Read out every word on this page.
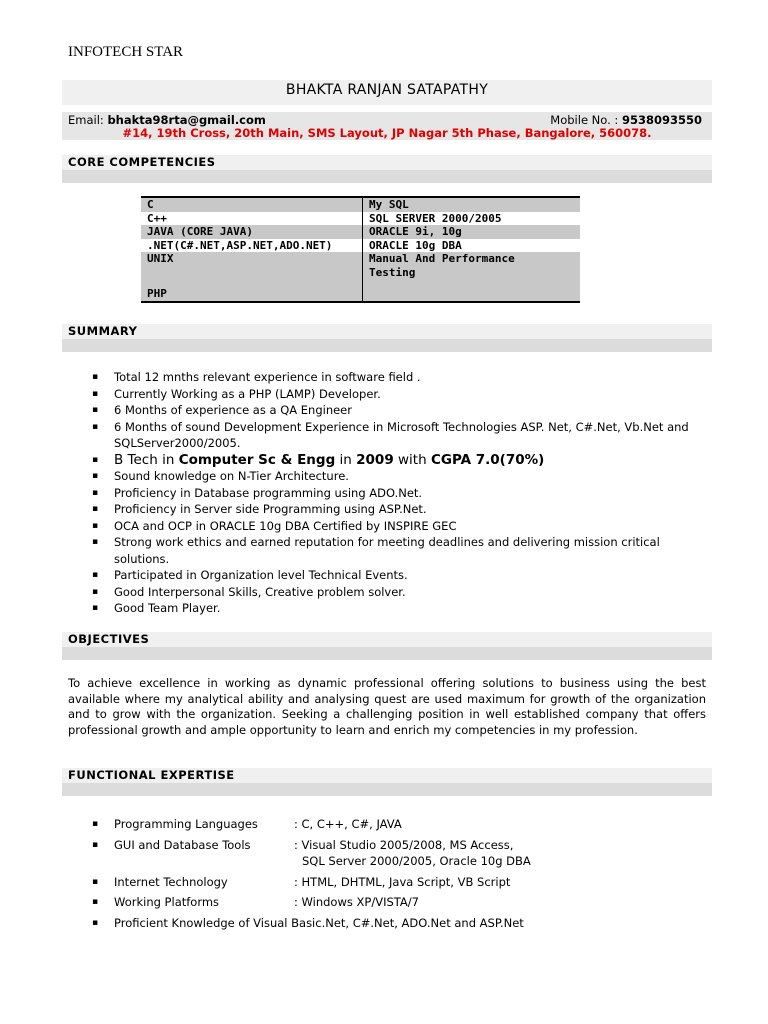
INFOTECH STAR
BHAKTA RANJAN SATAPATHY
Email: bhakta98rta@gmail.com	Mobile No. : 9538093550
#14, 19th Cross, 20th Main, SMS Layout, JP Nagar 5th Phase, Bangalore, 560078.
CORE COMPETENCIES
C	My SQL
C++	SQL SERVER 2000/2005
JAVA (CORE JAVA)	ORACLE 9i, 10g
.NET(C#.NET,ASP.NET,ADO.NET)	ORACLE 10g DBA
UNIX	Manual And Performance
	Testing
PHP	
SUMMARY
▪ Total 12 mnths relevant experience in software field .
▪ Currently Working as a PHP (LAMP) Developer.
▪ 6 Months of experience as a QA Engineer
▪ 6 Months of sound Development Experience in Microsoft Technologies ASP. Net, C#.Net, Vb.Net and SQLServer2000/2005.
▪ B Tech in Computer Sc & Engg in 2009 with CGPA 7.0(70%)
▪ Sound knowledge on N-Tier Architecture.
▪ Proficiency in Database programming using ADO.Net.
▪ Proficiency in Server side Programming using ASP.Net.
▪ OCA and OCP in ORACLE 10g DBA Certified by INSPIRE GEC
▪ Strong work ethics and earned reputation for meeting deadlines and delivering mission critical solutions.
▪ Participated in Organization level Technical Events.
▪ Good Interpersonal Skills, Creative problem solver.
▪ Good Team Player.
OBJECTIVES
To achieve excellence in working as dynamic professional offering solutions to business using the best available where my analytical ability and analysing quest are used maximum for growth of the organization and to grow with the organization. Seeking a challenging position in well established company that offers professional growth and ample opportunity to learn and enrich my competencies in my profession.
FUNCTIONAL EXPERTISE
▪ Programming Languages	: C, C++, C#, JAVA
▪ GUI and Database Tools	: Visual Studio 2005/2008, MS Access,
SQL Server 2000/2005, Oracle 10g DBA
▪ Internet Technology	: HTML, DHTML, Java Script, VB Script
▪ Working Platforms	: Windows XP/VISTA/7
▪ Proficient Knowledge of Visual Basic.Net, C#.Net, ADO.Net and ASP.Net
